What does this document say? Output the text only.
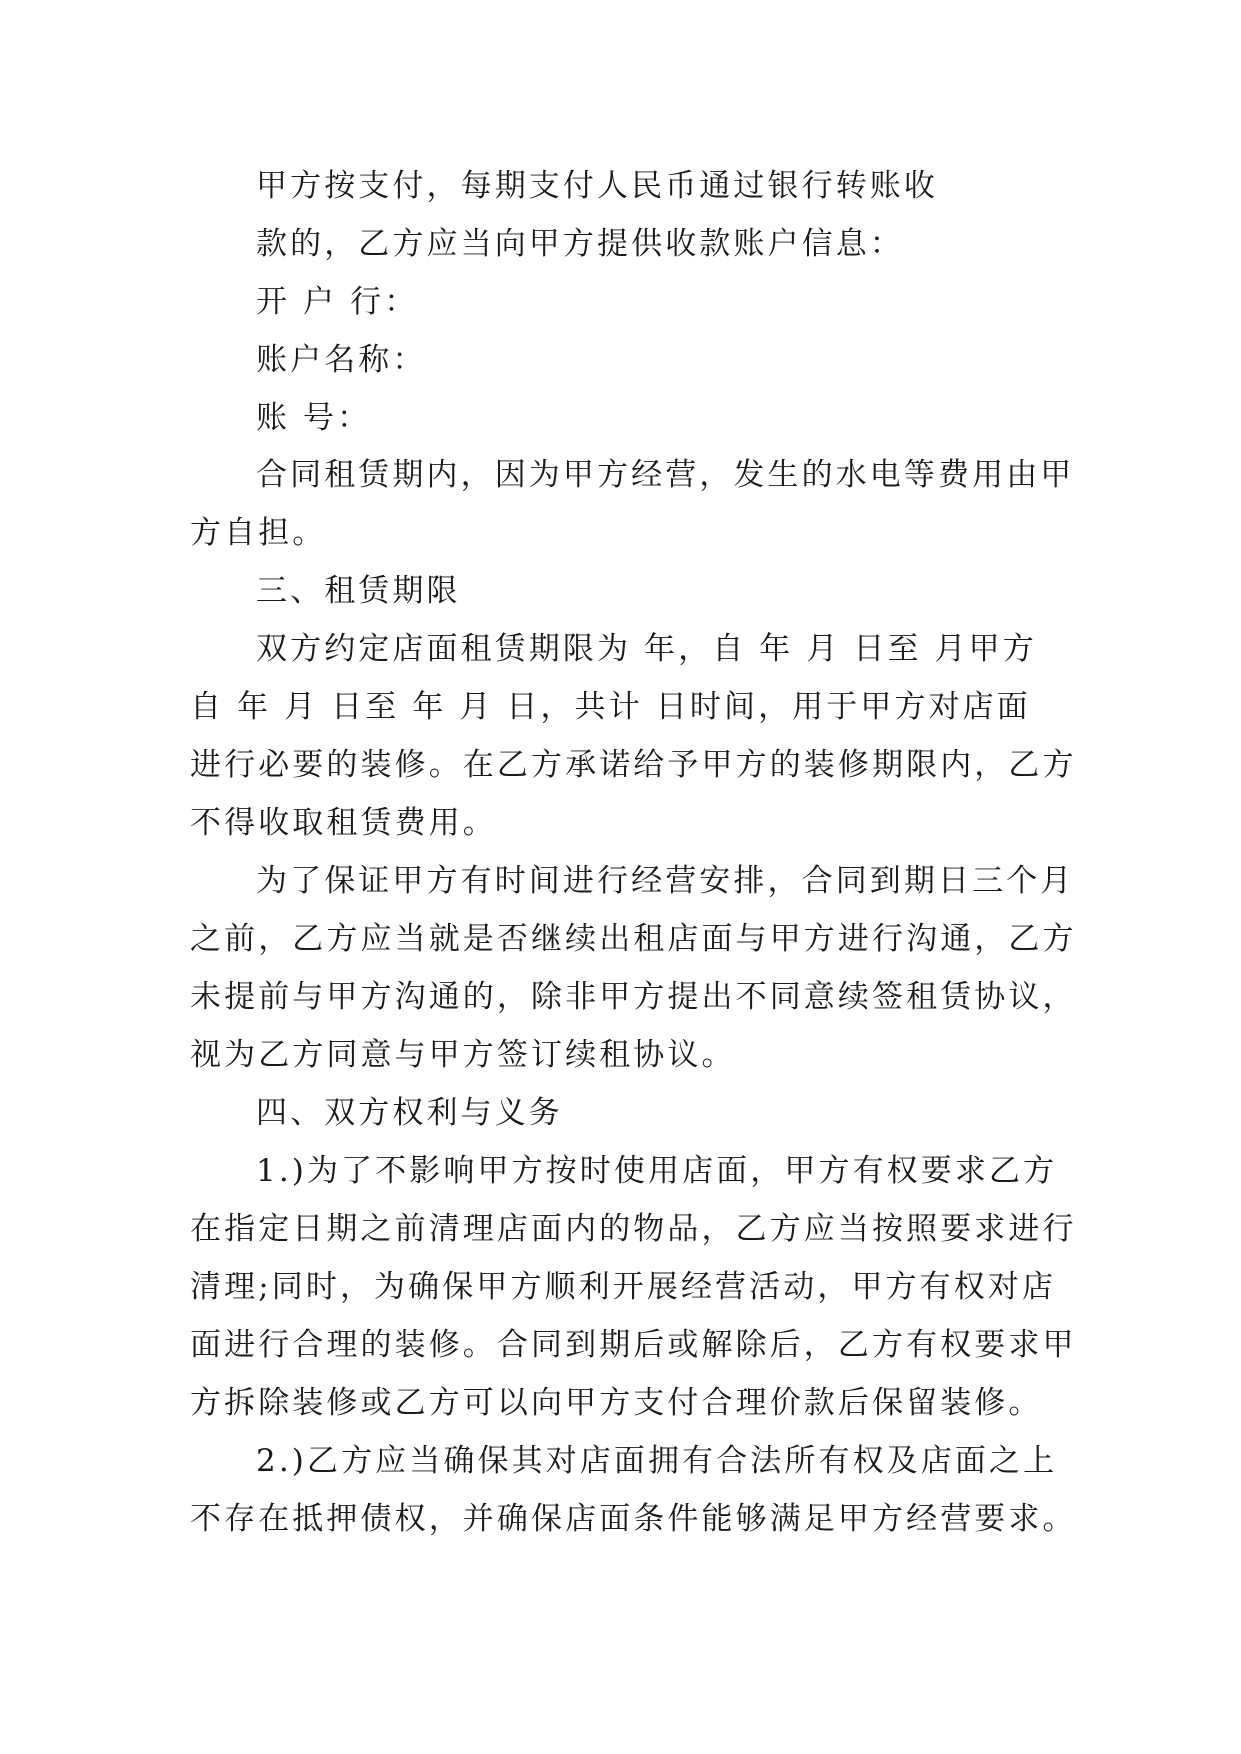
甲方按支付，每期支付人民币通过银行转账收
款的，乙方应当向甲方提供收款账户信息：
开 户 行：
账户名称：
账 号：
合同租赁期内，因为甲方经营，发生的水电等费用由甲
方自担。
三、租赁期限
双方约定店面租赁期限为 年，自 年 月 日至 月甲方
自 年 月 日至 年 月 日，共计 日时间，用于甲方对店面
进行必要的装修。在乙方承诺给予甲方的装修期限内，乙方
不得收取租赁费用。
为了保证甲方有时间进行经营安排，合同到期日三个月
之前，乙方应当就是否继续出租店面与甲方进行沟通，乙方
未提前与甲方沟通的，除非甲方提出不同意续签租赁协议，
视为乙方同意与甲方签订续租协议。
四、双方权利与义务
1.)为了不影响甲方按时使用店面，甲方有权要求乙方
在指定日期之前清理店面内的物品，乙方应当按照要求进行
清理;同时，为确保甲方顺利开展经营活动，甲方有权对店
面进行合理的装修。合同到期后或解除后，乙方有权要求甲
方拆除装修或乙方可以向甲方支付合理价款后保留装修。
2.)乙方应当确保其对店面拥有合法所有权及店面之上
不存在抵押债权，并确保店面条件能够满足甲方经营要求。
